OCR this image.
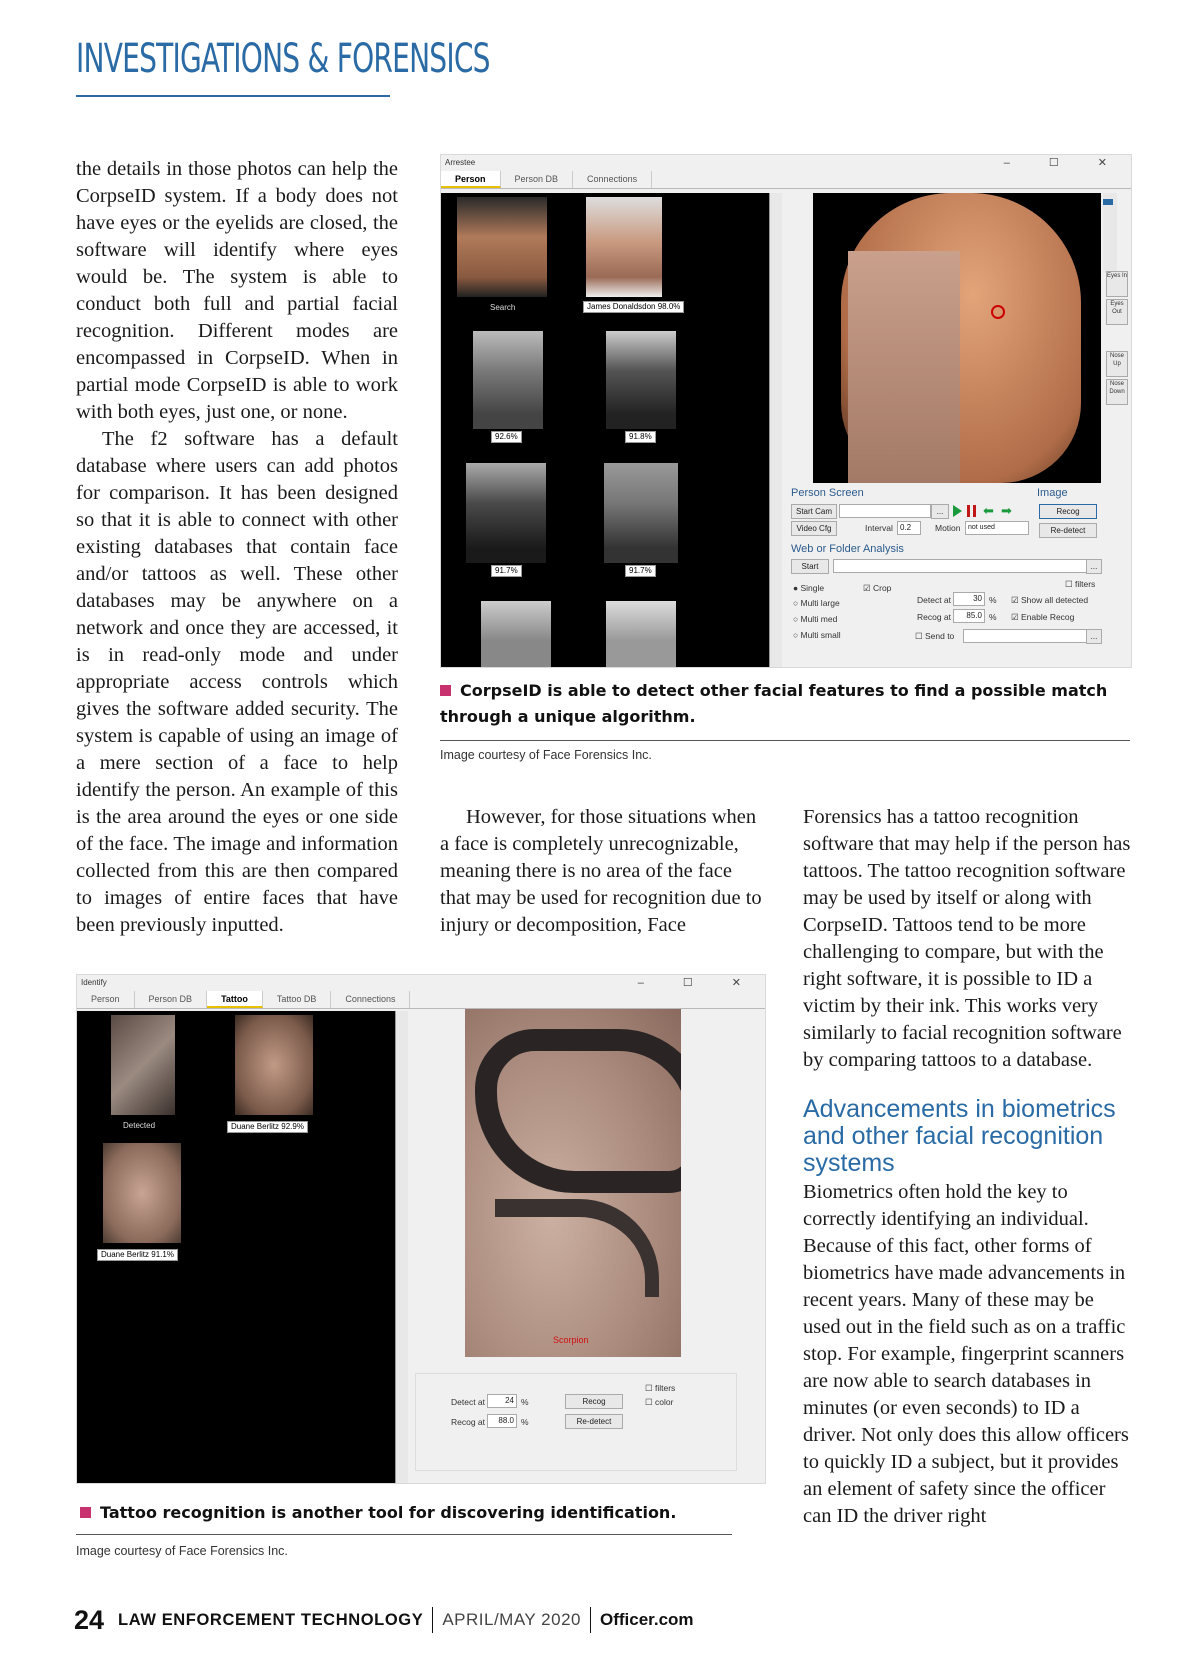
INVESTIGATIONS & FORENSICS

the details in those photos can help the CorpseID system. If a body does not have eyes or the eyelids are closed, the software will identify where eyes would be. The system is able to conduct both full and partial facial recognition. Different modes are encompassed in CorpseID. When in partial mode CorpseID is able to work with both eyes, just one, or none.

The f2 software has a default database where users can add photos for comparison. It has been designed so that it is able to connect with other existing databases that contain face and/or tattoos as well. These other databases may be anywhere on a network and once they are accessed, it is in read-only mode and under appropriate access controls which gives the software added security. The system is capable of using an image of a mere section of a face to help identify the person. An example of this is the area around the eyes or one side of the face. The image and information collected from this are then compared to images of entire faces that have been previously inputted.

Arrestee	– ☐ ✕
Person	Person DB	Connections
Search	James Donaldsdon 98.0%
92.6%	91.8%
91.7%	91.7%
Eyes In
Eyes Out
Nose Up
Nose Down
Person Screen
Start Cam	...	⬅ ➡
Video Cfg	Interval 0.2	Motion	not used
Image
Recog
Re-detect
Web or Folder Analysis
Start	...
● Single
○ Multi large
○ Multi med
○ Multi small
☑ Crop
Detect at	30 %
Recog at	85.0 %
☐ Send to	...
☐ filters
☑ Show all detected
☑ Enable Recog
CorpseID is able to detect other facial features to find a possible match through a unique algorithm.
Image courtesy of Face Forensics Inc.

However, for those situations when a face is completely unrecognizable, meaning there is no area of the face that may be used for recognition due to injury or decomposition, Face

Forensics has a tattoo recognition software that may help if the person has tattoos. The tattoo recognition software may be used by itself or along with CorpseID. Tattoos tend to be more challenging to compare, but with the right software, it is possible to ID a victim by their ink. This works very similarly to facial recognition software by comparing tattoos to a database.

Advancements in biometrics and other facial recognition systems

Biometrics often hold the key to correctly identifying an individual. Because of this fact, other forms of biometrics have made advancements in recent years. Many of these may be used out in the field such as on a traffic stop. For example, fingerprint scanners are now able to search databases in minutes (or even seconds) to ID a driver. Not only does this allow officers to quickly ID a subject, but it provides an element of safety since the officer can ID the driver right

Identify	– ☐ ✕
Person	Person DB	Tattoo	Tattoo DB	Connections
Detected	Duane Berlitz 92.9%
Duane Berlitz 91.1%
Scorpion
☐ filters
☐ color
Detect at	24 %
Recog at	88.0 %
Recog
Re-detect
Tattoo recognition is another tool for discovering identification.
Image courtesy of Face Forensics Inc.
24 LAW ENFORCEMENT TECHNOLOGY APRIL/MAY 2020 Officer.com
